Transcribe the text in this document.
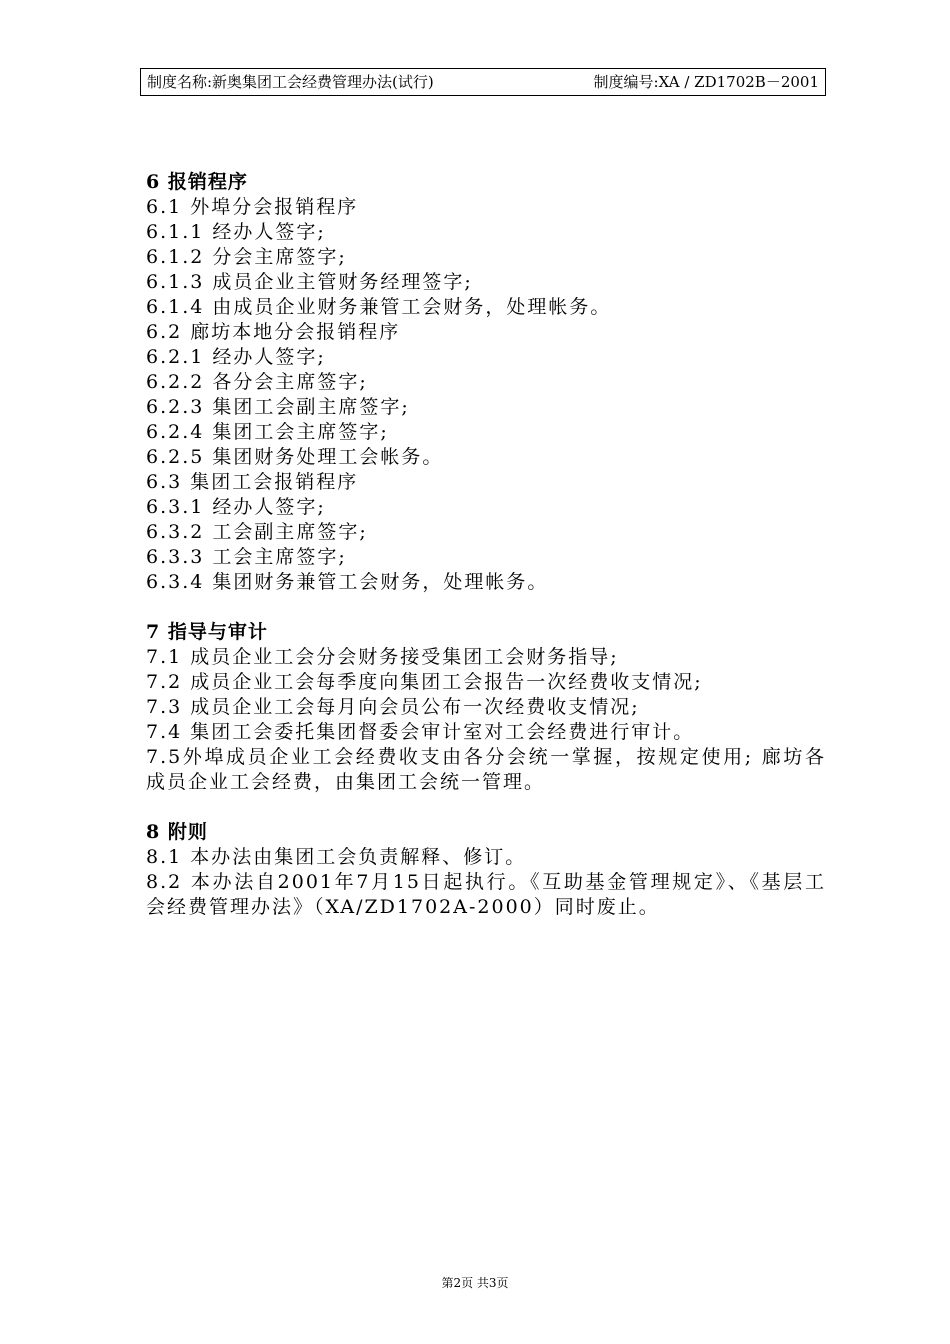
制度名称:新奥集团工会经费管理办法(试行)	制度编号:XA / ZD1702B－2001
6 报销程序
6.1 外埠分会报销程序
6.1.1 经办人签字;
6.1.2 分会主席签字;
6.1.3 成员企业主管财务经理签字;
6.1.4 由成员企业财务兼管工会财务，处理帐务。
6.2 廊坊本地分会报销程序
6.2.1 经办人签字;
6.2.2 各分会主席签字;
6.2.3 集团工会副主席签字;
6.2.4 集团工会主席签字;
6.2.5 集团财务处理工会帐务。
6.3 集团工会报销程序
6.3.1 经办人签字;
6.3.2 工会副主席签字;
6.3.3 工会主席签字;
6.3.4 集团财务兼管工会财务，处理帐务。
7 指导与审计
7.1 成员企业工会分会财务接受集团工会财务指导;
7.2 成员企业工会每季度向集团工会报告一次经费收支情况;
7.3 成员企业工会每月向会员公布一次经费收支情况;
7.4 集团工会委托集团督委会审计室对工会经费进行审计。
7.5外埠成员企业工会经费收支由各分会统一掌握，按规定使用; 廊坊各成员企业工会经费，由集团工会统一管理。
8 附则
8.1 本办法由集团工会负责解释、修订。
8.2 本办法自2001年7月15日起执行。《互助基金管理规定》、《基层工会经费管理办法》（XA/ZD1702A-2000）同时废止。
第2页 共3页
